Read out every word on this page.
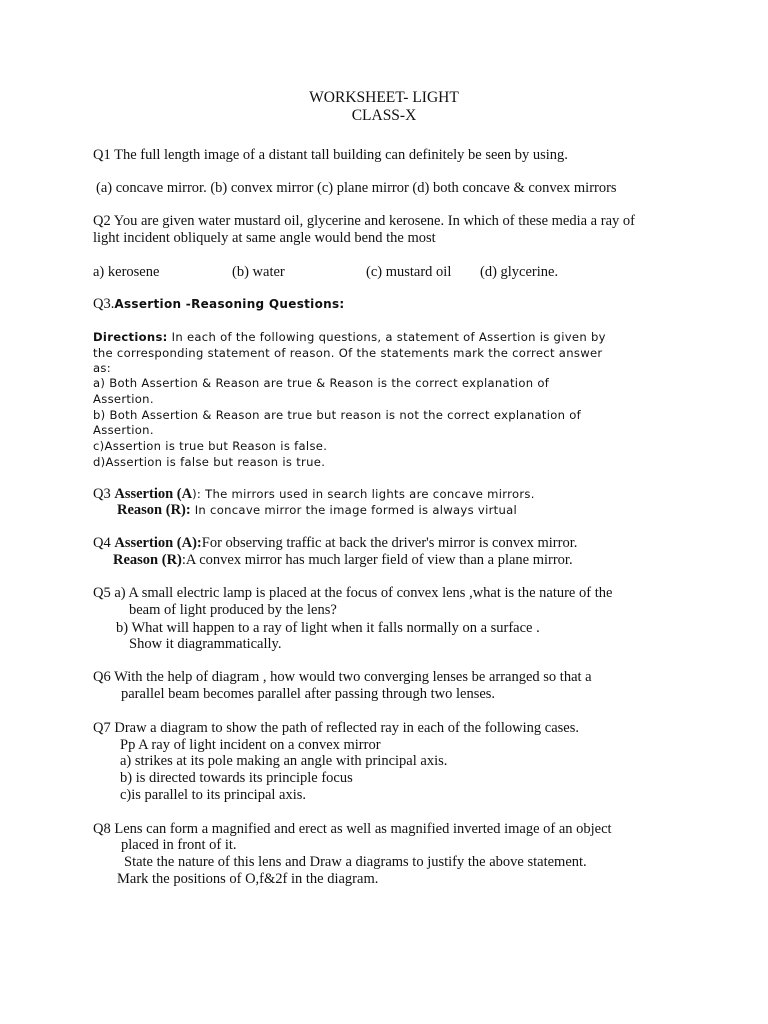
WORKSHEET- LIGHT
CLASS-X
Q1 The full length image of a distant tall building can definitely be seen by using.
(a) concave mirror. (b) convex mirror (c) plane mirror (d) both concave & convex mirrors
Q2 You are given water mustard oil, glycerine and kerosene. In which of these media a ray of
light incident obliquely at same angle would bend the most
a) kerosene	(b) water	(c) mustard oil (d) glycerine.
Q3.Assertion -Reasoning Questions:
Directions: In each of the following questions, a statement of Assertion is given by
the corresponding statement of reason. Of the statements mark the correct answer
as:
a) Both Assertion & Reason are true & Reason is the correct explanation of
Assertion.
b) Both Assertion & Reason are true but reason is not the correct explanation of
Assertion.
c)Assertion is true but Reason is false.
d)Assertion is false but reason is true.
Q3 Assertion (A): The mirrors used in search lights are concave mirrors.
Reason (R): In concave mirror the image formed is always virtual
Q4 Assertion (A):For observing traffic at back the driver's mirror is convex mirror.
Reason (R):A convex mirror has much larger field of view than a plane mirror.
Q5 a) A small electric lamp is placed at the focus of convex lens ,what is the nature of the
beam of light produced by the lens?
b) What will happen to a ray of light when it falls normally on a surface .
Show it diagrammatically.
Q6 With the help of diagram , how would two converging lenses be arranged so that a
parallel beam becomes parallel after passing through two lenses.
Q7 Draw a diagram to show the path of reflected ray in each of the following cases.
Pp A ray of light incident on a convex mirror
a) strikes at its pole making an angle with principal axis.
b) is directed towards its principle focus
c)is parallel to its principal axis.
Q8 Lens can form a magnified and erect as well as magnified inverted image of an object
placed in front of it.
State the nature of this lens and Draw a diagrams to justify the above statement.
Mark the positions of O,f&2f in the diagram.
